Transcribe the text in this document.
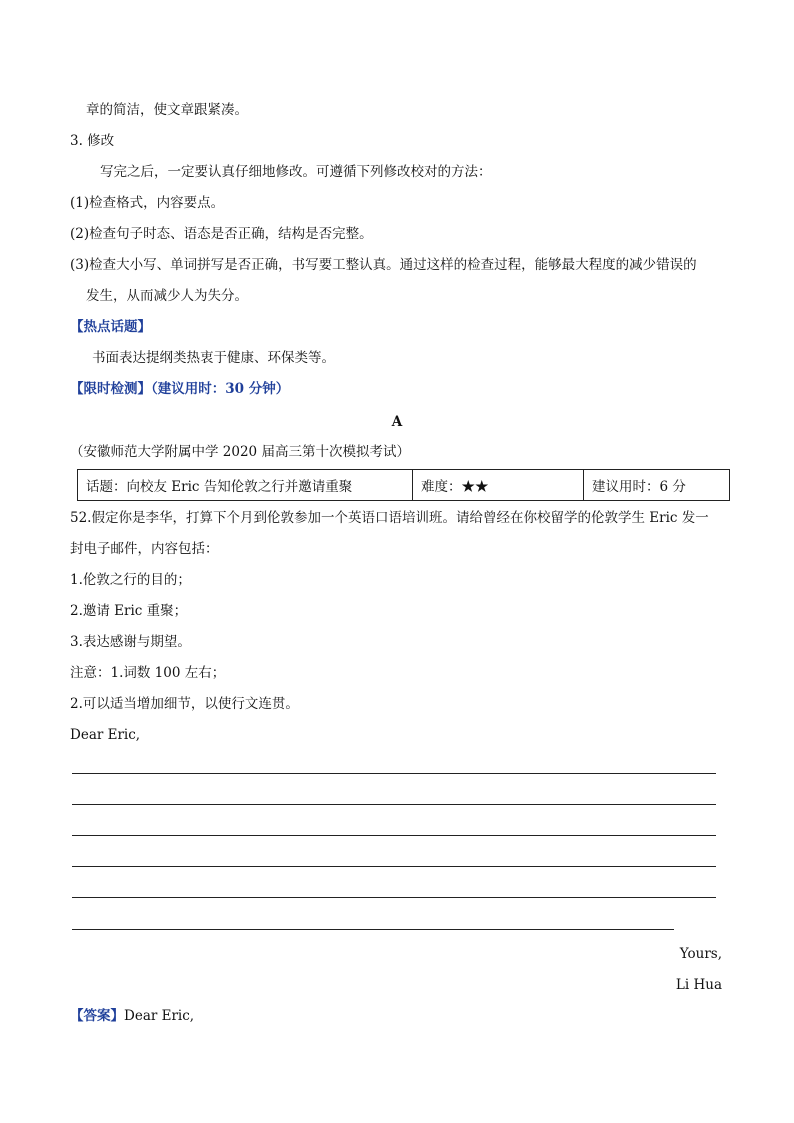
章的简洁，使文章跟紧凑。
3. 修改
写完之后，一定要认真仔细地修改。可遵循下列修改校对的方法：
(1)检查格式，内容要点。
(2)检查句子时态、语态是否正确，结构是否完整。
(3)检查大小写、单词拼写是否正确，书写要工整认真。通过这样的检查过程，能够最大程度的减少错误的
发生，从而减少人为失分。
【热点话题】
书面表达提纲类热衷于健康、环保类等。
【限时检测】（建议用时：30 分钟）
A
（安徽师范大学附属中学 2020 届高三第十次模拟考试）
话题：向校友 Eric 告知伦敦之行并邀请重聚	难度：★★	建议用时：6 分
52.假定你是李华，打算下个月到伦敦参加一个英语口语培训班。请给曾经在你校留学的伦敦学生 Eric 发一
封电子邮件，内容包括：
1.伦敦之行的目的；
2.邀请 Eric 重聚；
3.表达感谢与期望。
注意：1.词数 100 左右；
2.可以适当增加细节，以使行文连贯。
Dear Eric,
Yours,
Li Hua
【答案】Dear Eric,
